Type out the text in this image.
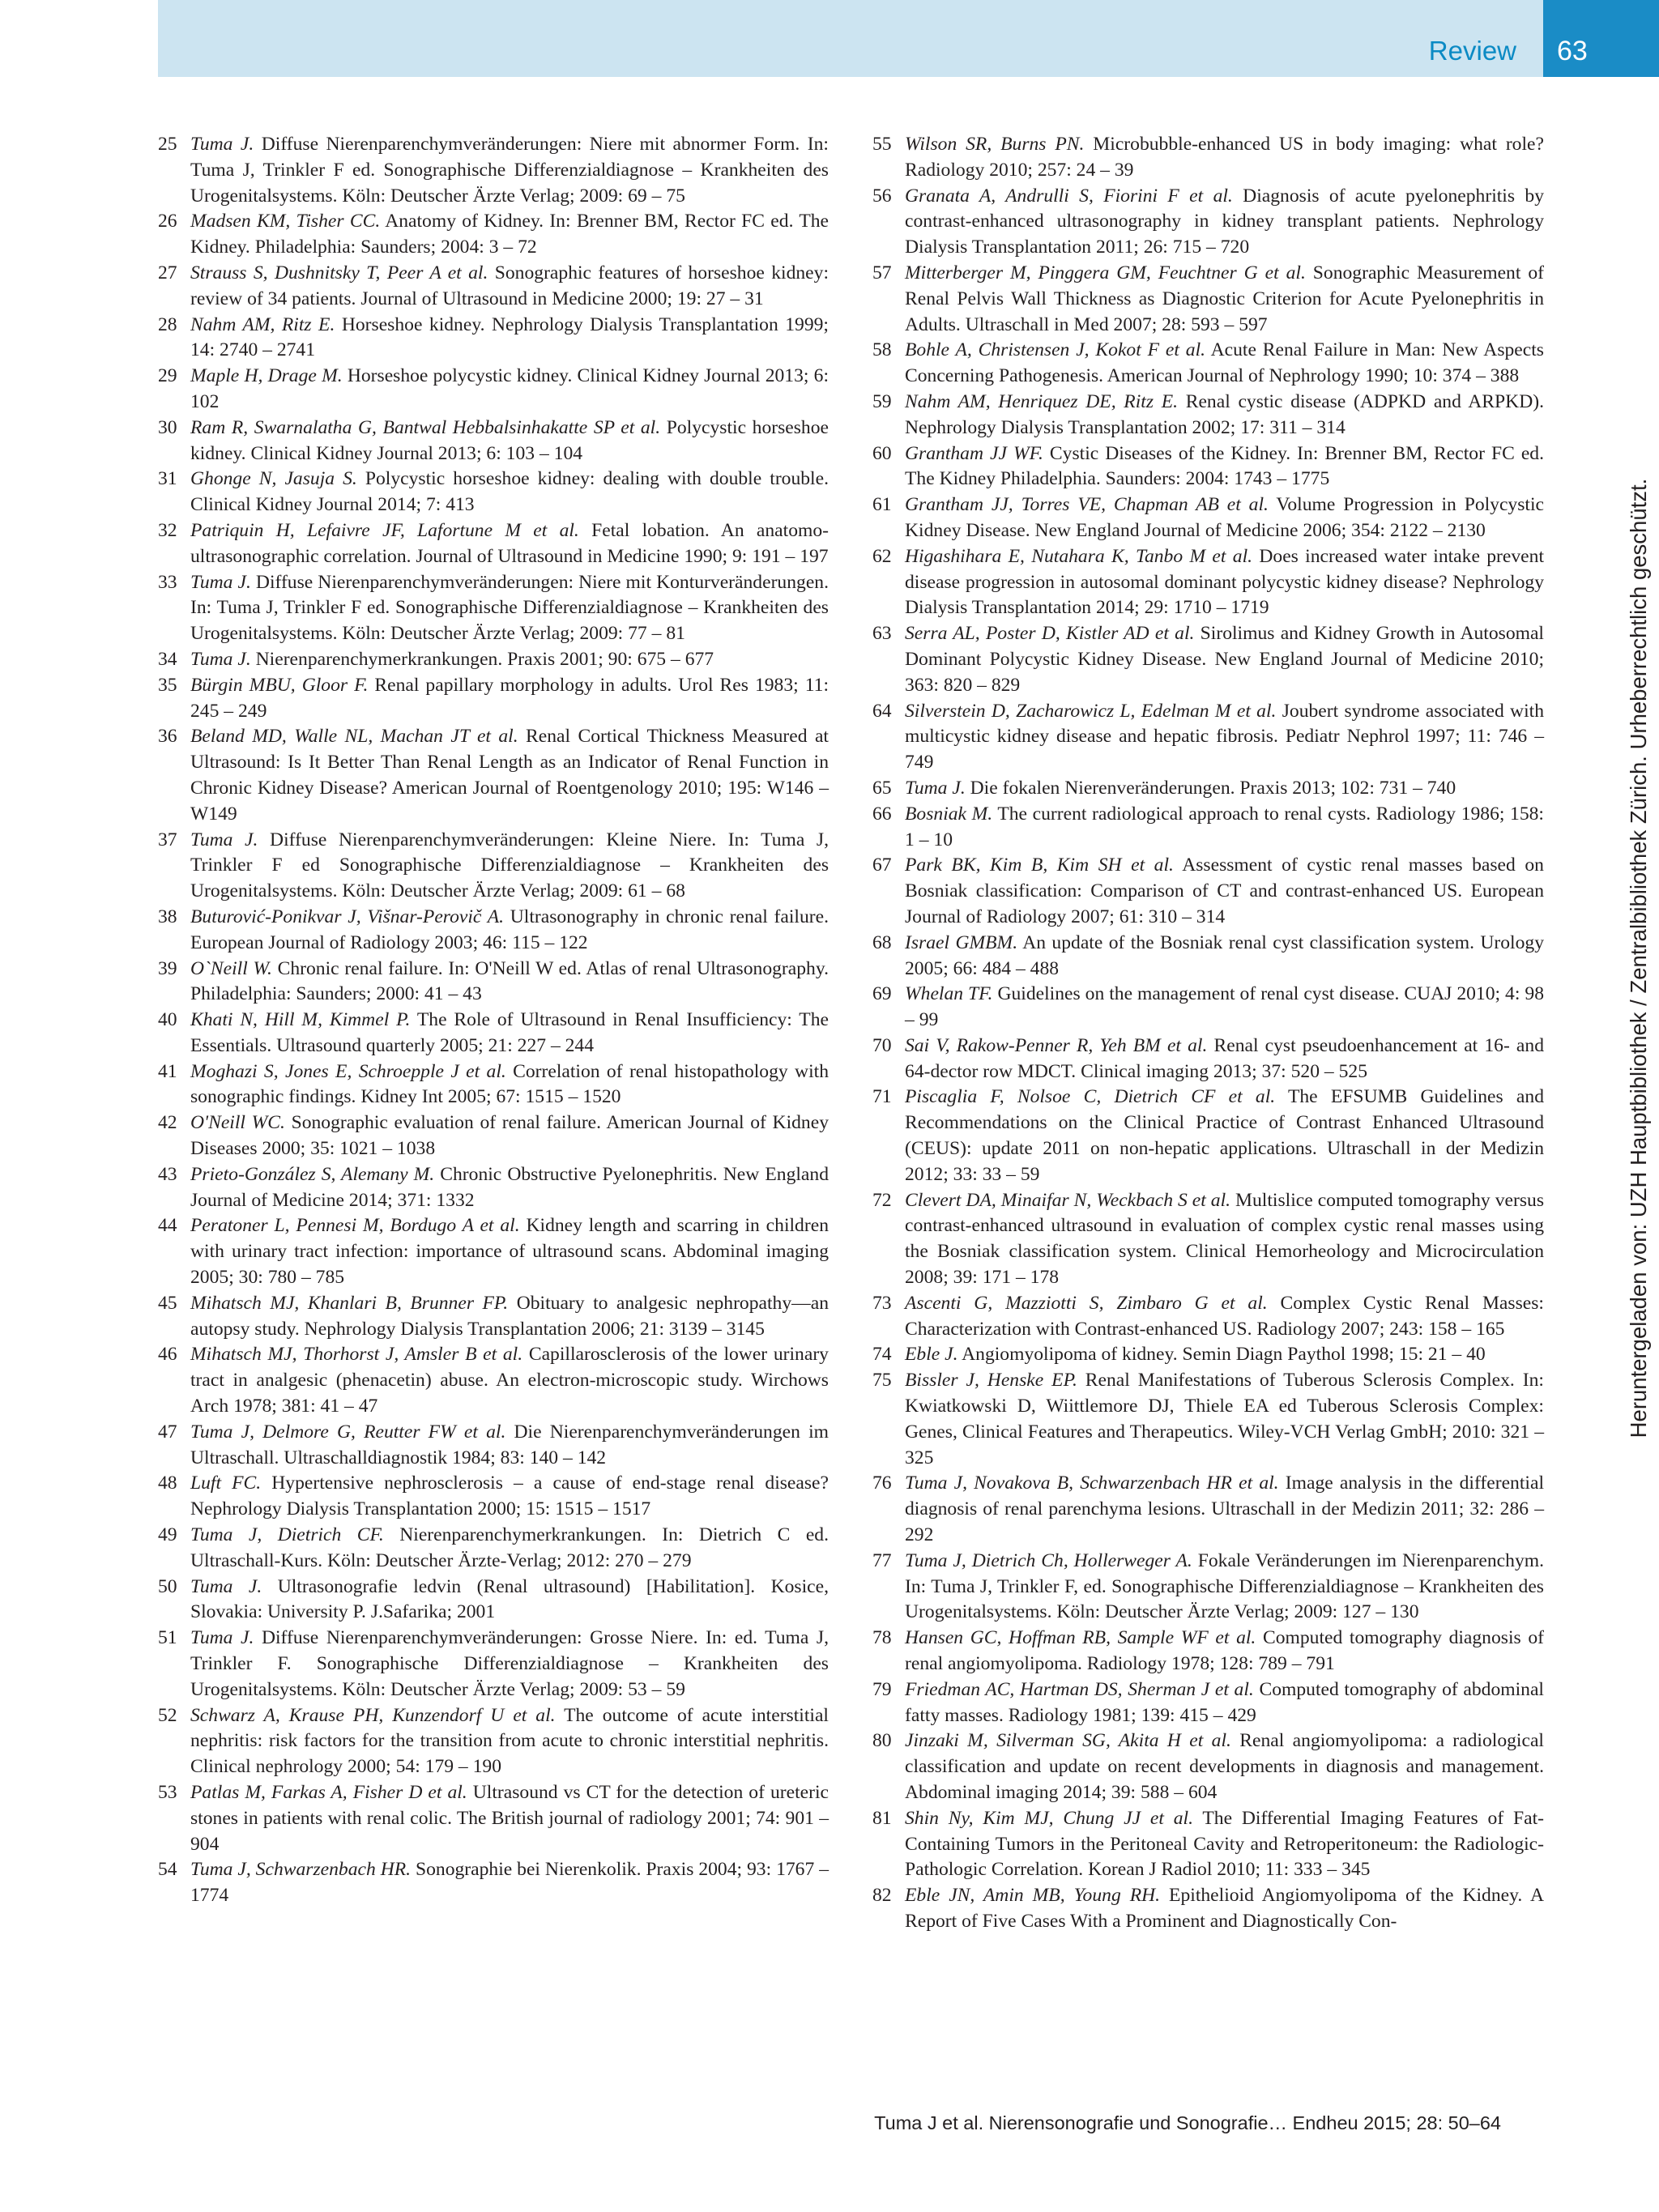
Review 63
25 Tuma J. Diffuse Nierenparenchymveränderungen: Niere mit abnormer Form. In: Tuma J, Trinkler F ed. Sonographische Differenzialdiagnose – Krankheiten des Urogenitalsystems. Köln: Deutscher Ärzte Verlag; 2009: 69 – 75
26 Madsen KM, Tisher CC. Anatomy of Kidney. In: Brenner BM, Rector FC ed. The Kidney. Philadelphia: Saunders; 2004: 3 – 72
27 Strauss S, Dushnitsky T, Peer A et al. Sonographic features of horseshoe kidney: review of 34 patients. Journal of Ultrasound in Medicine 2000; 19: 27 – 31
28 Nahm AM, Ritz E. Horseshoe kidney. Nephrology Dialysis Transplantation 1999; 14: 2740 – 2741
29 Maple H, Drage M. Horseshoe polycystic kidney. Clinical Kidney Journal 2013; 6: 102
30 Ram R, Swarnalatha G, Bantwal Hebbalsinhakatte SP et al. Polycystic horseshoe kidney. Clinical Kidney Journal 2013; 6: 103 – 104
31 Ghonge N, Jasuja S. Polycystic horseshoe kidney: dealing with double trouble. Clinical Kidney Journal 2014; 7: 413
32 Patriquin H, Lefaivre JF, Lafortune M et al. Fetal lobation. An anatomo-ultrasonographic correlation. Journal of Ultrasound in Medicine 1990; 9: 191 – 197
33 Tuma J. Diffuse Nierenparenchymveränderungen: Niere mit Konturveränderungen. In: Tuma J, Trinkler F ed. Sonographische Differenzialdiagnose – Krankheiten des Urogenitalsystems. Köln: Deutscher Ärzte Verlag; 2009: 77 – 81
34 Tuma J. Nierenparenchymerkrankungen. Praxis 2001; 90: 675 – 677
35 Bürgin MBU, Gloor F. Renal papillary morphology in adults. Urol Res 1983; 11: 245 – 249
36 Beland MD, Walle NL, Machan JT et al. Renal Cortical Thickness Measured at Ultrasound: Is It Better Than Renal Length as an Indicator of Renal Function in Chronic Kidney Disease? American Journal of Roentgenology 2010; 195: W146 – W149
37 Tuma J. Diffuse Nierenparenchymveränderungen: Kleine Niere. In: Tuma J, Trinkler F ed Sonographische Differenzialdiagnose – Krankheiten des Urogenitalsystems. Köln: Deutscher Ärzte Verlag; 2009: 61 – 68
38 Buturović-Ponikvar J, Višnar-Perovič A. Ultrasonography in chronic renal failure. European Journal of Radiology 2003; 46: 115 – 122
39 O`Neill W. Chronic renal failure. In: O'Neill W ed. Atlas of renal Ultrasonography. Philadelphia: Saunders; 2000: 41 – 43
40 Khati N, Hill M, Kimmel P. The Role of Ultrasound in Renal Insufficiency: The Essentials. Ultrasound quarterly 2005; 21: 227 – 244
41 Moghazi S, Jones E, Schroepple J et al. Correlation of renal histopathology with sonographic findings. Kidney Int 2005; 67: 1515 – 1520
42 O'Neill WC. Sonographic evaluation of renal failure. American Journal of Kidney Diseases 2000; 35: 1021 – 1038
43 Prieto-González S, Alemany M. Chronic Obstructive Pyelonephritis. New England Journal of Medicine 2014; 371: 1332
44 Peratoner L, Pennesi M, Bordugo A et al. Kidney length and scarring in children with urinary tract infection: importance of ultrasound scans. Abdominal imaging 2005; 30: 780 – 785
45 Mihatsch MJ, Khanlari B, Brunner FP. Obituary to analgesic nephropathy—an autopsy study. Nephrology Dialysis Transplantation 2006; 21: 3139 – 3145
46 Mihatsch MJ, Thorhorst J, Amsler B et al. Capillarosclerosis of the lower urinary tract in analgesic (phenacetin) abuse. An electron-microscopic study. Wirchows Arch 1978; 381: 41 – 47
47 Tuma J, Delmore G, Reutter FW et al. Die Nierenparenchymveränderungen im Ultraschall. Ultraschalldiagnostik 1984; 83: 140 – 142
48 Luft FC. Hypertensive nephrosclerosis – a cause of end-stage renal disease? Nephrology Dialysis Transplantation 2000; 15: 1515 – 1517
49 Tuma J, Dietrich CF. Nierenparenchymerkrankungen. In: Dietrich C ed. Ultraschall-Kurs. Köln: Deutscher Ärzte-Verlag; 2012: 270 – 279
50 Tuma J. Ultrasonografie ledvin (Renal ultrasound) [Habilitation]. Kosice, Slovakia: University P. J.Safarika; 2001
51 Tuma J. Diffuse Nierenparenchymveränderungen: Grosse Niere. In: ed. Tuma J, Trinkler F. Sonographische Differenzialdiagnose – Krankheiten des Urogenitalsystems. Köln: Deutscher Ärzte Verlag; 2009: 53 – 59
52 Schwarz A, Krause PH, Kunzendorf U et al. The outcome of acute interstitial nephritis: risk factors for the transition from acute to chronic interstitial nephritis. Clinical nephrology 2000; 54: 179 – 190
53 Patlas M, Farkas A, Fisher D et al. Ultrasound vs CT for the detection of ureteric stones in patients with renal colic. The British journal of radiology 2001; 74: 901 – 904
54 Tuma J, Schwarzenbach HR. Sonographie bei Nierenkolik. Praxis 2004; 93: 1767 – 1774
55 Wilson SR, Burns PN. Microbubble-enhanced US in body imaging: what role? Radiology 2010; 257: 24 – 39
56 Granata A, Andrulli S, Fiorini F et al. Diagnosis of acute pyelonephritis by contrast-enhanced ultrasonography in kidney transplant patients. Nephrology Dialysis Transplantation 2011; 26: 715 – 720
57 Mitterberger M, Pinggera GM, Feuchtner G et al. Sonographic Measurement of Renal Pelvis Wall Thickness as Diagnostic Criterion for Acute Pyelonephritis in Adults. Ultraschall in Med 2007; 28: 593 – 597
58 Bohle A, Christensen J, Kokot F et al. Acute Renal Failure in Man: New Aspects Concerning Pathogenesis. American Journal of Nephrology 1990; 10: 374 – 388
59 Nahm AM, Henriquez DE, Ritz E. Renal cystic disease (ADPKD and ARPKD). Nephrology Dialysis Transplantation 2002; 17: 311 – 314
60 Grantham JJ WF. Cystic Diseases of the Kidney. In: Brenner BM, Rector FC ed. The Kidney Philadelphia. Saunders: 2004: 1743 – 1775
61 Grantham JJ, Torres VE, Chapman AB et al. Volume Progression in Polycystic Kidney Disease. New England Journal of Medicine 2006; 354: 2122 – 2130
62 Higashihara E, Nutahara K, Tanbo M et al. Does increased water intake prevent disease progression in autosomal dominant polycystic kidney disease? Nephrology Dialysis Transplantation 2014; 29: 1710 – 1719
63 Serra AL, Poster D, Kistler AD et al. Sirolimus and Kidney Growth in Autosomal Dominant Polycystic Kidney Disease. New England Journal of Medicine 2010; 363: 820 – 829
64 Silverstein D, Zacharowicz L, Edelman M et al. Joubert syndrome associated with multicystic kidney disease and hepatic fibrosis. Pediatr Nephrol 1997; 11: 746 – 749
65 Tuma J. Die fokalen Nierenveränderungen. Praxis 2013; 102: 731 – 740
66 Bosniak M. The current radiological approach to renal cysts. Radiology 1986; 158: 1 – 10
67 Park BK, Kim B, Kim SH et al. Assessment of cystic renal masses based on Bosniak classification: Comparison of CT and contrast-enhanced US. European Journal of Radiology 2007; 61: 310 – 314
68 Israel GMBM. An update of the Bosniak renal cyst classification system. Urology 2005; 66: 484 – 488
69 Whelan TF. Guidelines on the management of renal cyst disease. CUAJ 2010; 4: 98 – 99
70 Sai V, Rakow-Penner R, Yeh BM et al. Renal cyst pseudoenhancement at 16- and 64-dector row MDCT. Clinical imaging 2013; 37: 520 – 525
71 Piscaglia F, Nolsoe C, Dietrich CF et al. The EFSUMB Guidelines and Recommendations on the Clinical Practice of Contrast Enhanced Ultrasound (CEUS): update 2011 on non-hepatic applications. Ultraschall in der Medizin 2012; 33: 33 – 59
72 Clevert DA, Minaifar N, Weckbach S et al. Multislice computed tomography versus contrast-enhanced ultrasound in evaluation of complex cystic renal masses using the Bosniak classification system. Clinical Hemorheology and Microcirculation 2008; 39: 171 – 178
73 Ascenti G, Mazziotti S, Zimbaro G et al. Complex Cystic Renal Masses: Characterization with Contrast-enhanced US. Radiology 2007; 243: 158 – 165
74 Eble J. Angiomyolipoma of kidney. Semin Diagn Paythol 1998; 15: 21 – 40
75 Bissler J, Henske EP. Renal Manifestations of Tuberous Sclerosis Complex. In: Kwiatkowski D, Wiittlemore DJ, Thiele EA ed Tuberous Sclerosis Complex: Genes, Clinical Features and Therapeutics. Wiley-VCH Verlag GmbH; 2010: 321 – 325
76 Tuma J, Novakova B, Schwarzenbach HR et al. Image analysis in the differential diagnosis of renal parenchyma lesions. Ultraschall in der Medizin 2011; 32: 286 – 292
77 Tuma J, Dietrich Ch, Hollerweger A. Fokale Veränderungen im Nierenparenchym. In: Tuma J, Trinkler F, ed. Sonographische Differenzialdiagnose – Krankheiten des Urogenitalsystems. Köln: Deutscher Ärzte Verlag; 2009: 127 – 130
78 Hansen GC, Hoffman RB, Sample WF et al. Computed tomography diagnosis of renal angiomyolipoma. Radiology 1978; 128: 789 – 791
79 Friedman AC, Hartman DS, Sherman J et al. Computed tomography of abdominal fatty masses. Radiology 1981; 139: 415 – 429
80 Jinzaki M, Silverman SG, Akita H et al. Renal angiomyolipoma: a radiological classification and update on recent developments in diagnosis and management. Abdominal imaging 2014; 39: 588 – 604
81 Shin Ny, Kim MJ, Chung JJ et al. The Differential Imaging Features of Fat-Containing Tumors in the Peritoneal Cavity and Retroperitoneum: the Radiologic-Pathologic Correlation. Korean J Radiol 2010; 11: 333 – 345
82 Eble JN, Amin MB, Young RH. Epithelioid Angiomyolipoma of the Kidney. A Report of Five Cases With a Prominent and Diagnostically Con-
Heruntergeladen von: UZH Hauptbibliothek / Zentralbibliothek Zürich. Urheberrechtlich geschützt.
Tuma J et al. Nierensonografie und Sonografie… Endheu 2015; 28: 50–64
